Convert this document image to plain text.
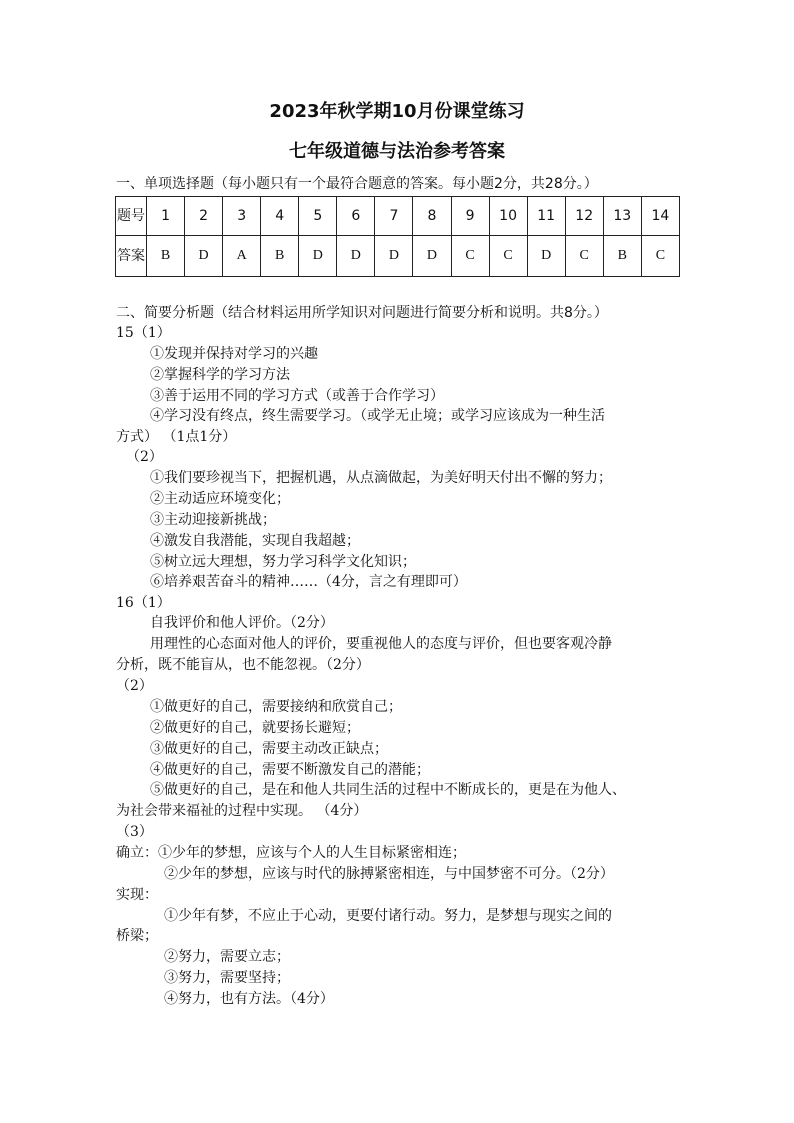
2023年秋学期10月份课堂练习
七年级道德与法治参考答案
一、单项选择题（每小题只有一个最符合题意的答案。每小题2分，共28分。）
题号	1	2	3	4	5	6	7	8	9	10	11	12	13	14
答案	B	D	A	B	D	D	D	D	C	C	D	C	B	C
二、简要分析题（结合材料运用所学知识对问题进行简要分析和说明。共8分。）
15（1）
①发现并保持对学习的兴趣
②掌握科学的学习方法
③善于运用不同的学习方式（或善于合作学习）
④学习没有终点，终生需要学习。（或学无止境；或学习应该成为一种生活
方式） （1点1分）
（2）
①我们要珍视当下，把握机遇，从点滴做起，为美好明天付出不懈的努力；
②主动适应环境变化；
③主动迎接新挑战；
④激发自我潜能，实现自我超越；
⑤树立远大理想，努力学习科学文化知识；
⑥培养艰苦奋斗的精神……（4分，言之有理即可）
16（1）
自我评价和他人评价。（2分）
用理性的心态面对他人的评价，要重视他人的态度与评价，但也要客观冷静
分析，既不能盲从，也不能忽视。（2分）
（2）
①做更好的自己，需要接纳和欣赏自己；
②做更好的自己，就要扬长避短；
③做更好的自己，需要主动改正缺点；
④做更好的自己，需要不断激发自己的潜能；
⑤做更好的自己，是在和他人共同生活的过程中不断成长的，更是在为他人、
为社会带来福祉的过程中实现。 （4分）
（3）
确立：①少年的梦想，应该与个人的人生目标紧密相连；
②少年的梦想，应该与时代的脉搏紧密相连，与中国梦密不可分。（2分）
实现：
①少年有梦，不应止于心动，更要付诸行动。努力，是梦想与现实之间的
桥梁；
②努力，需要立志；
③努力，需要坚持；
④努力，也有方法。（4分）
